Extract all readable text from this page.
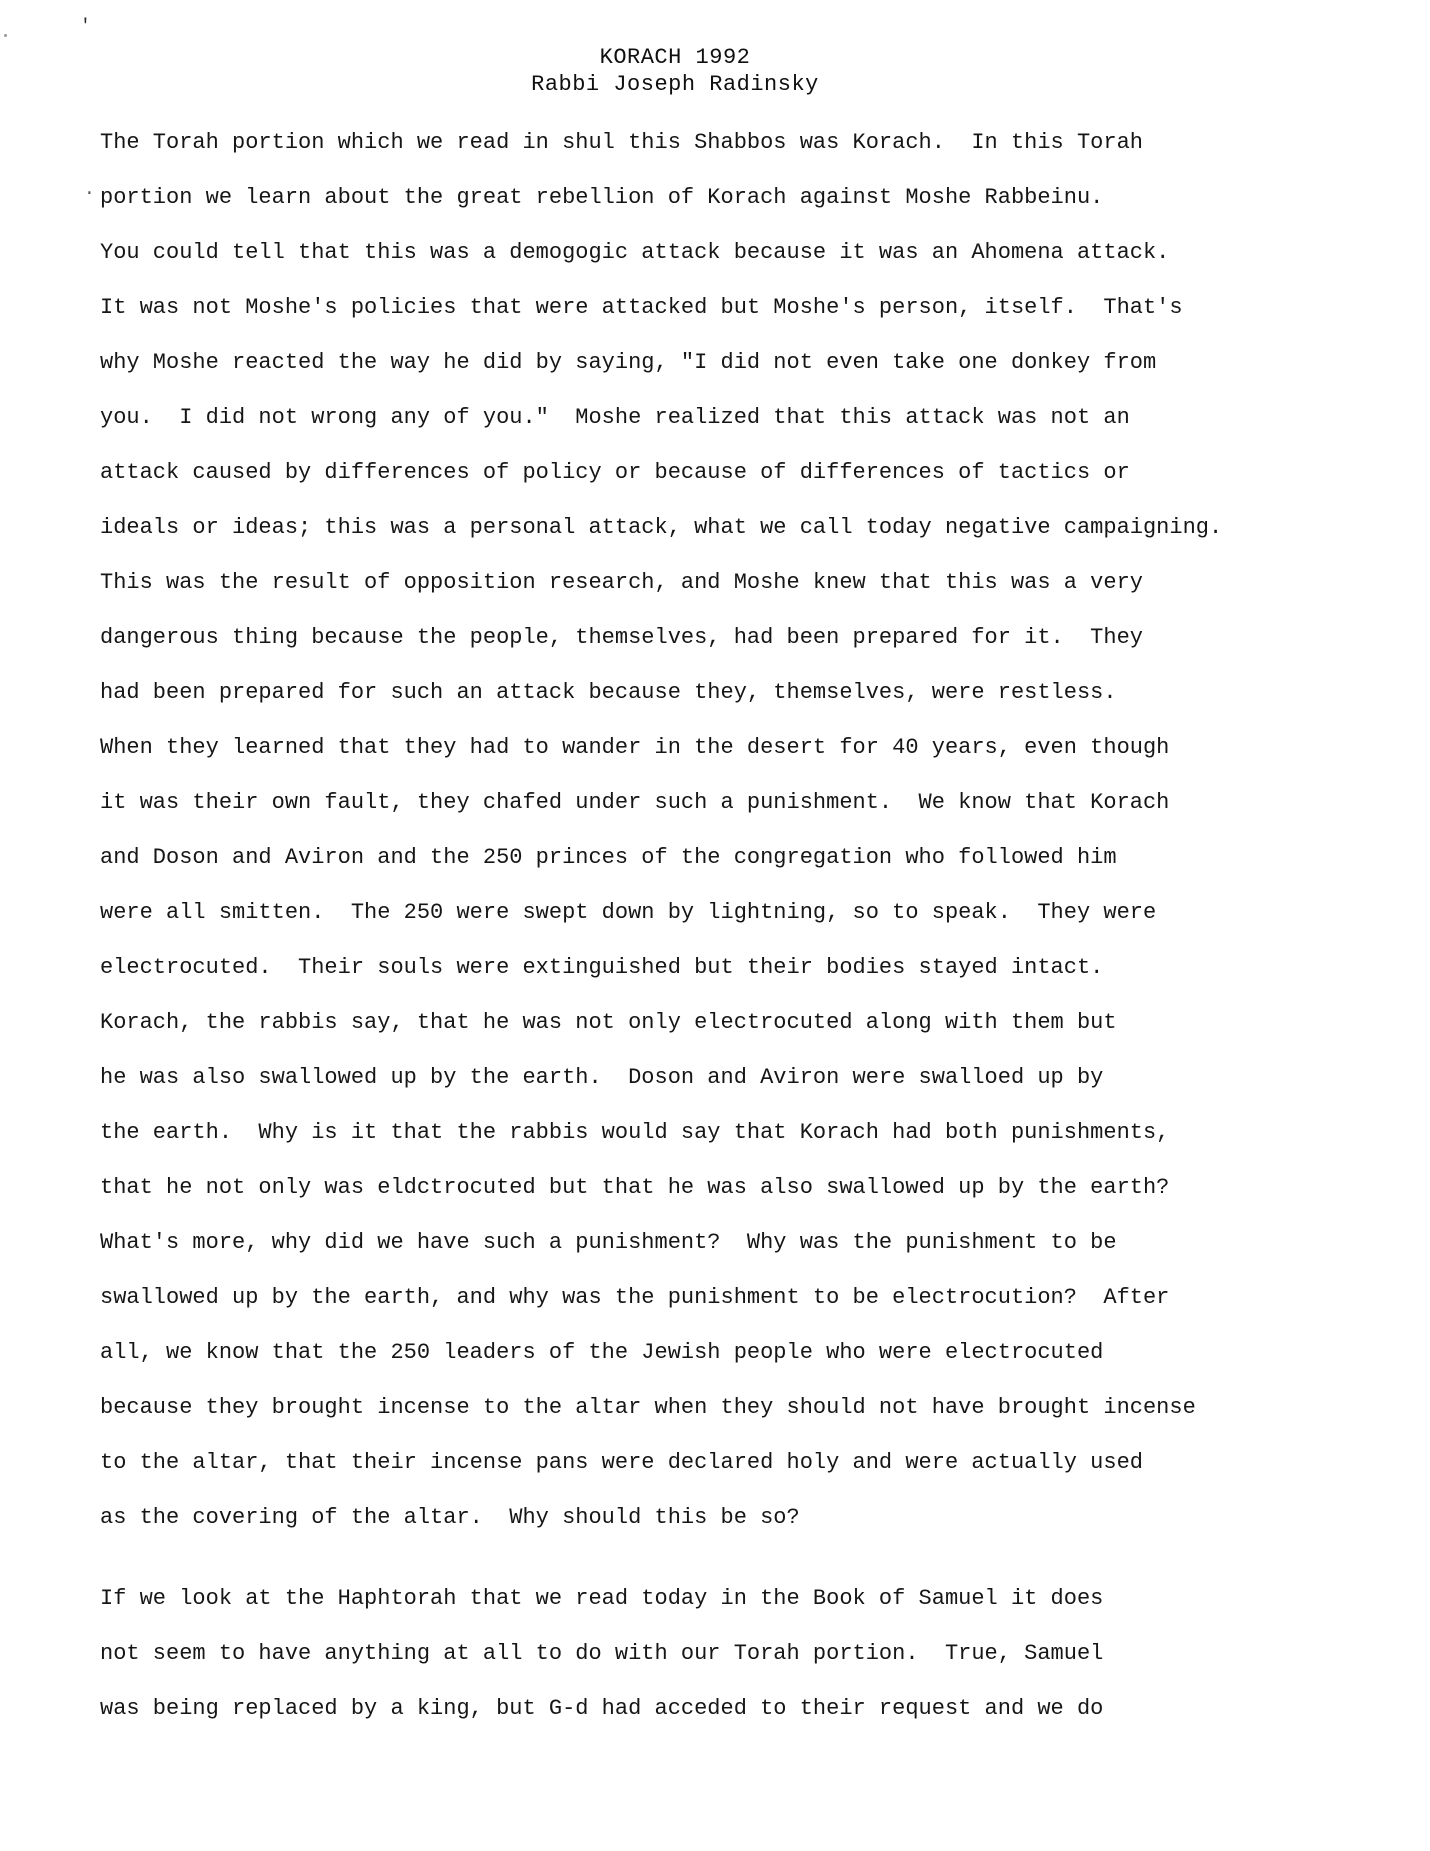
'
·
KORACH 1992
Rabbi Joseph Radinsky
The Torah portion which we read in shul this Shabbos was Korach.  In this Torah
portion we learn about the great rebellion of Korach against Moshe Rabbeinu.
You could tell that this was a demogogic attack because it was an Ahomena attack.
It was not Moshe's policies that were attacked but Moshe's person, itself.  That's
why Moshe reacted the way he did by saying, "I did not even take one donkey from
you.  I did not wrong any of you."  Moshe realized that this attack was not an
attack caused by differences of policy or because of differences of tactics or
ideals or ideas; this was a personal attack, what we call today negative campaigning.
This was the result of opposition research, and Moshe knew that this was a very
dangerous thing because the people, themselves, had been prepared for it.  They
had been prepared for such an attack because they, themselves, were restless.
When they learned that they had to wander in the desert for 40 years, even though
it was their own fault, they chafed under such a punishment.  We know that Korach
and Doson and Aviron and the 250 princes of the congregation who followed him
were all smitten.  The 250 were swept down by lightning, so to speak.  They were
electrocuted.  Their souls were extinguished but their bodies stayed intact.
Korach, the rabbis say, that he was not only electrocuted along with them but
he was also swallowed up by the earth.  Doson and Aviron were swalloed up by
the earth.  Why is it that the rabbis would say that Korach had both punishments,
that he not only was eldctrocuted but that he was also swallowed up by the earth?
What's more, why did we have such a punishment?  Why was the punishment to be
swallowed up by the earth, and why was the punishment to be electrocution?  After
all, we know that the 250 leaders of the Jewish people who were electrocuted
because they brought incense to the altar when they should not have brought incense
to the altar, that their incense pans were declared holy and were actually used
as the covering of the altar.  Why should this be so?
If we look at the Haphtorah that we read today in the Book of Samuel it does
not seem to have anything at all to do with our Torah portion.  True, Samuel
was being replaced by a king, but G-d had acceded to their request and we do
